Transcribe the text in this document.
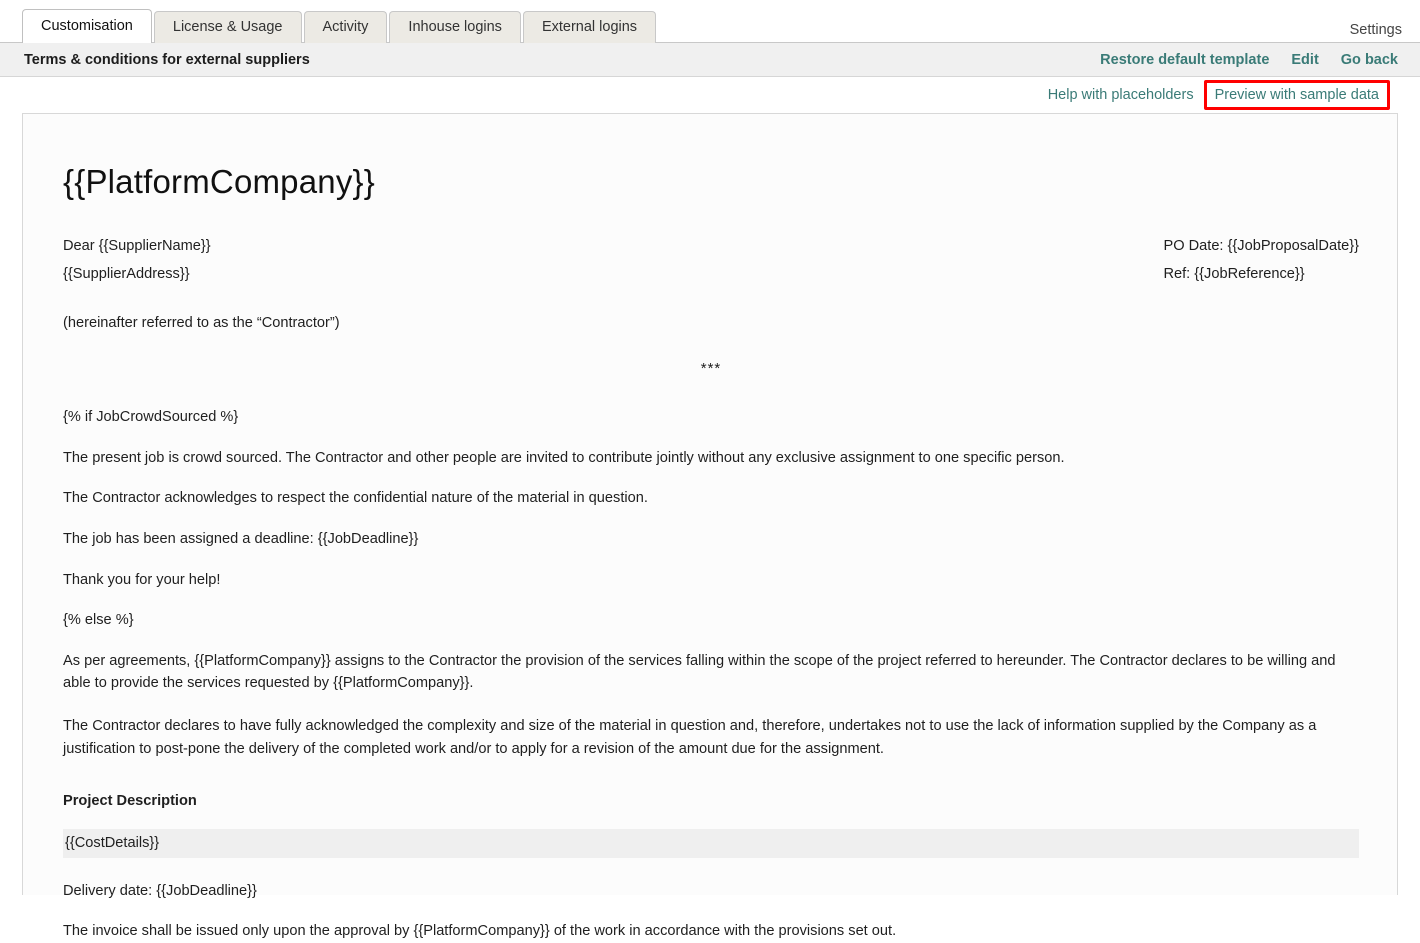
Customisation	License & Usage	Activity	Inhouse logins	External logins	Settings
Terms & conditions for external suppliers	Restore default template Edit Go back
Help with placeholders	Preview with sample data
{{PlatformCompany}}

Dear {{SupplierName}}

{{SupplierAddress}}

PO Date: {{JobProposalDate}}

Ref: {{JobReference}}

(hereinafter referred to as the “Contractor”)

***

{% if JobCrowdSourced %}

The present job is crowd sourced. The Contractor and other people are invited to contribute jointly without any exclusive assignment to one specific person.

The Contractor acknowledges to respect the confidential nature of the material in question.

The job has been assigned a deadline: {{JobDeadline}}

Thank you for your help!

{% else %}

As per agreements, {{PlatformCompany}} assigns to the Contractor the provision of the services falling within the scope of the project referred to hereunder. The Contractor declares to be willing and able to provide the services requested by {{PlatformCompany}}.

The Contractor declares to have fully acknowledged the complexity and size of the material in question and, therefore, undertakes not to use the lack of information supplied by the Company as a justification to post-pone the delivery of the completed work and/or to apply for a revision of the amount due for the assignment.

Project Description
{{CostDetails}}

Delivery date: {{JobDeadline}}

The invoice shall be issued only upon the approval by {{PlatformCompany}} of the work in accordance with the provisions set out.
